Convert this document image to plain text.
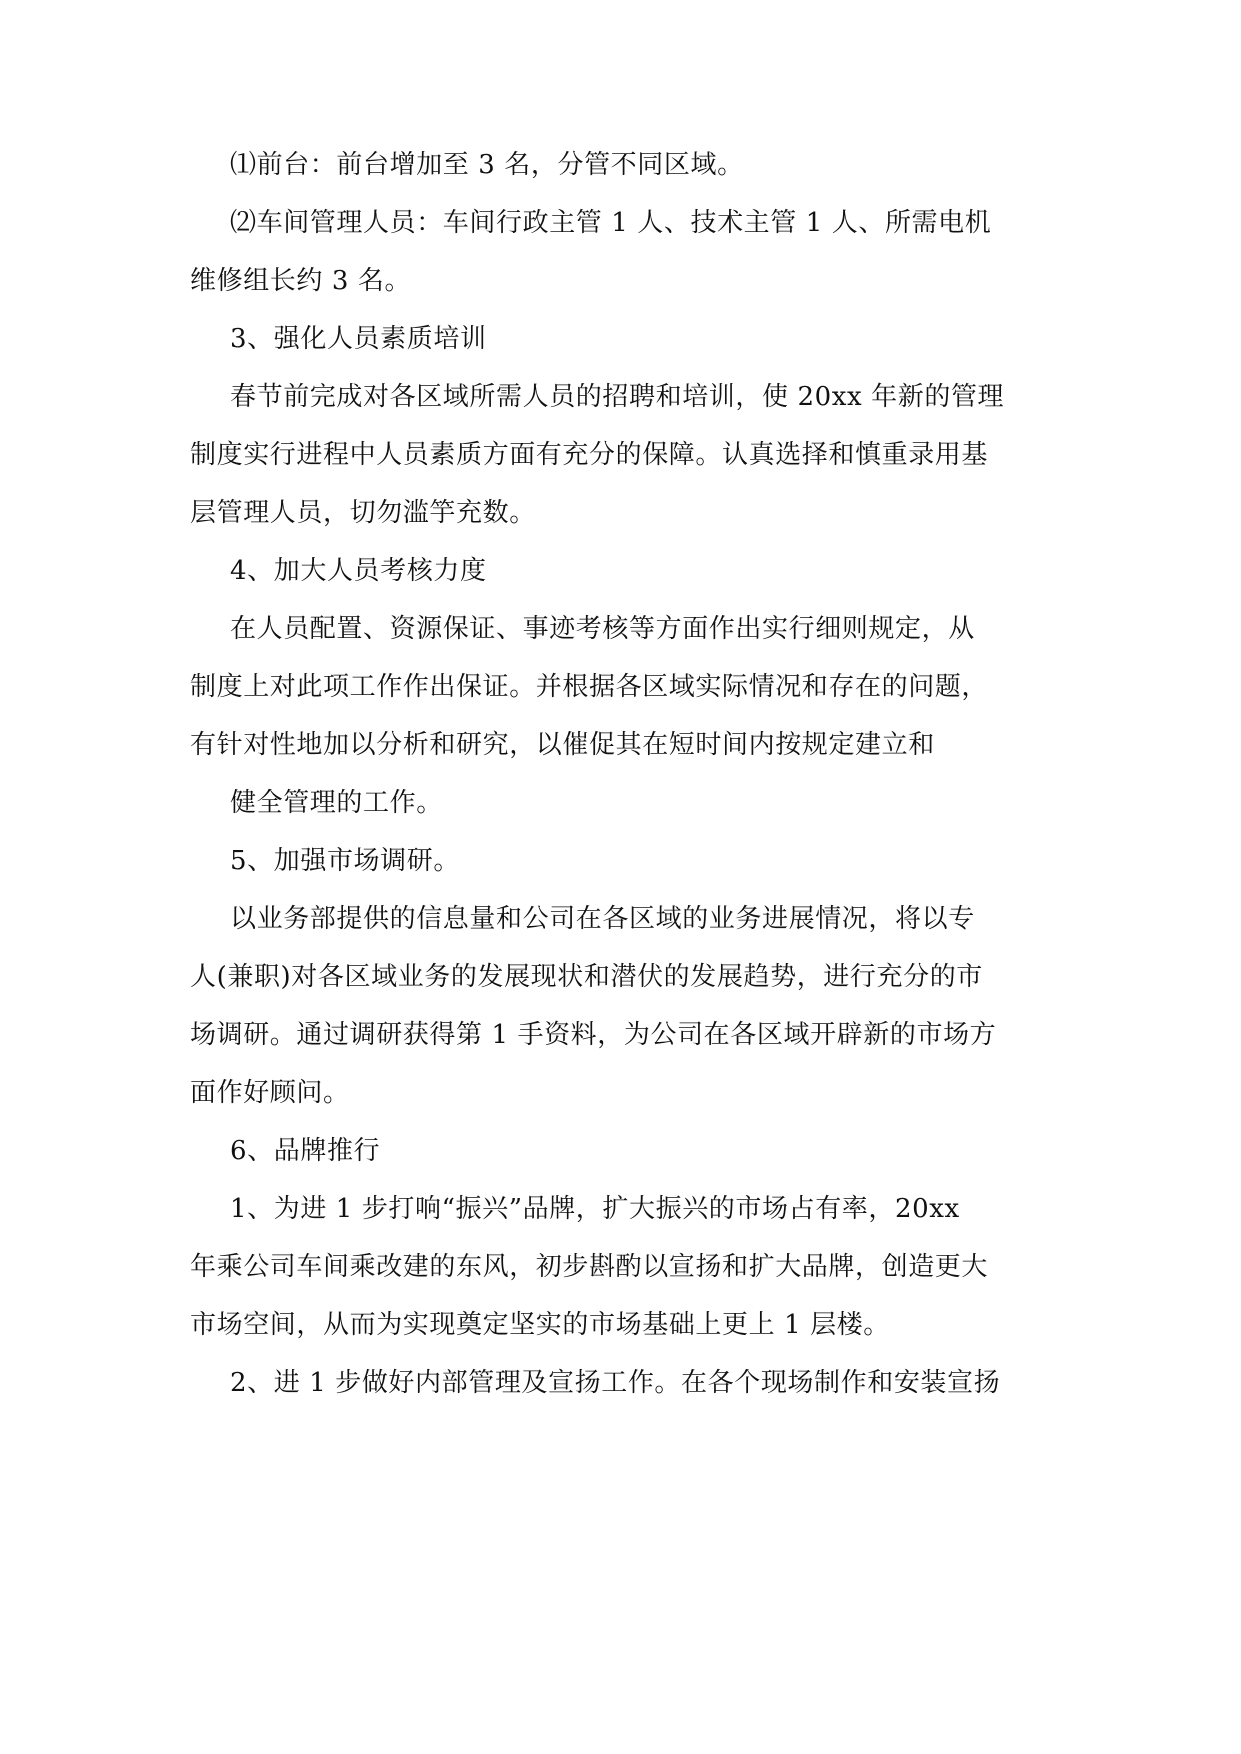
⑴前台：前台增加至 3 名，分管不同区域。
⑵车间管理人员：车间行政主管 1 人、技术主管 1 人、所需电机
维修组长约 3 名。
3、强化人员素质培训
春节前完成对各区域所需人员的招聘和培训，使 20xx 年新的管理
制度实行进程中人员素质方面有充分的保障。认真选择和慎重录用基
层管理人员，切勿滥竽充数。
4、加大人员考核力度
在人员配置、资源保证、事迹考核等方面作出实行细则规定，从
制度上对此项工作作出保证。并根据各区域实际情况和存在的问题，
有针对性地加以分析和研究，以催促其在短时间内按规定建立和
健全管理的工作。
5、加强市场调研。
以业务部提供的信息量和公司在各区域的业务进展情况，将以专
人(兼职)对各区域业务的发展现状和潜伏的发展趋势，进行充分的市
场调研。通过调研获得第 1 手资料，为公司在各区域开辟新的市场方
面作好顾问。
6、品牌推行
1、为进 1 步打响“振兴”品牌，扩大振兴的市场占有率，20xx
年乘公司车间乘改建的东风，初步斟酌以宣扬和扩大品牌，创造更大
市场空间，从而为实现奠定坚实的市场基础上更上 1 层楼。
2、进 1 步做好内部管理及宣扬工作。在各个现场制作和安装宣扬
